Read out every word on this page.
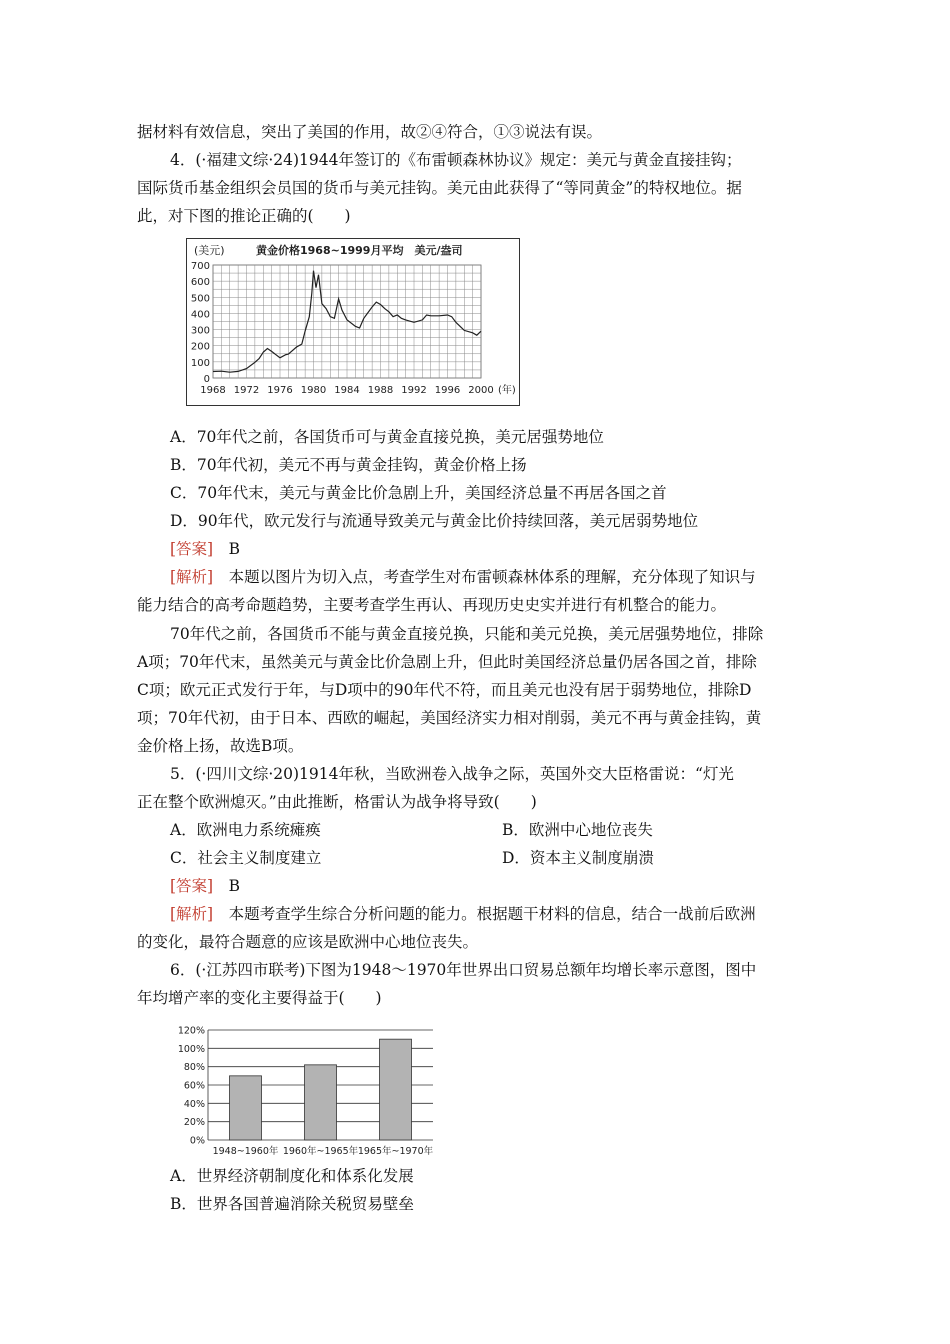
据材料有效信息，突出了美国的作用，故②④符合，①③说法有误。
4．(·福建文综·24)1944年签订的《布雷顿森林协议》规定：美元与黄金直接挂钩；
国际货币基金组织会员国的货币与美元挂钩。美元由此获得了“等同黄金”的特权地位。据
此，对下图的推论正确的(　　)
(美元)	黄金价格1968~1999月平均　美元/盎司
(年)
0
100
200
300
400
500
600
700
1968 1972 1976 1980 1984 1988 1992 1996 2000
A．70年代之前，各国货币可与黄金直接兑换，美元居强势地位
B．70年代初，美元不再与黄金挂钩，黄金价格上扬
C．70年代末，美元与黄金比价急剧上升，美国经济总量不再居各国之首
D．90年代，欧元发行与流通导致美元与黄金比价持续回落，美元居弱势地位
[答案]　 B
[解析]　 本题以图片为切入点，考查学生对布雷顿森林体系的理解，充分体现了知识与
能力结合的高考命题趋势，主要考查学生再认、再现历史史实并进行有机整合的能力。
70年代之前，各国货币不能与黄金直接兑换，只能和美元兑换，美元居强势地位，排除
A项；70年代末，虽然美元与黄金比价急剧上升，但此时美国经济总量仍居各国之首，排除
C项；欧元正式发行于年，与D项中的90年代不符，而且美元也没有居于弱势地位，排除D
项；70年代初，由于日本、西欧的崛起，美国经济实力相对削弱，美元不再与黄金挂钩，黄
金价格上扬，故选B项。
5．(·四川文综·20)1914年秋，当欧洲卷入战争之际，英国外交大臣格雷说：“灯光
正在整个欧洲熄灭。”由此推断，格雷认为战争将导致(　　)
A．欧洲电力系统瘫痪	B．欧洲中心地位丧失
C．社会主义制度建立	D．资本主义制度崩溃
[答案]　 B
[解析]　 本题考查学生综合分析问题的能力。根据题干材料的信息，结合一战前后欧洲
的变化，最符合题意的应该是欧洲中心地位丧失。
6．(·江苏四市联考)下图为1948～1970年世界出口贸易总额年均增长率示意图，图中
年均增产率的变化主要得益于(　　)
0%
20%
40%
60%
80%
100%
120%
1948~1960年 1960年~1965年 1965年~1970年
A．世界经济朝制度化和体系化发展
B．世界各国普遍消除关税贸易壁垒
